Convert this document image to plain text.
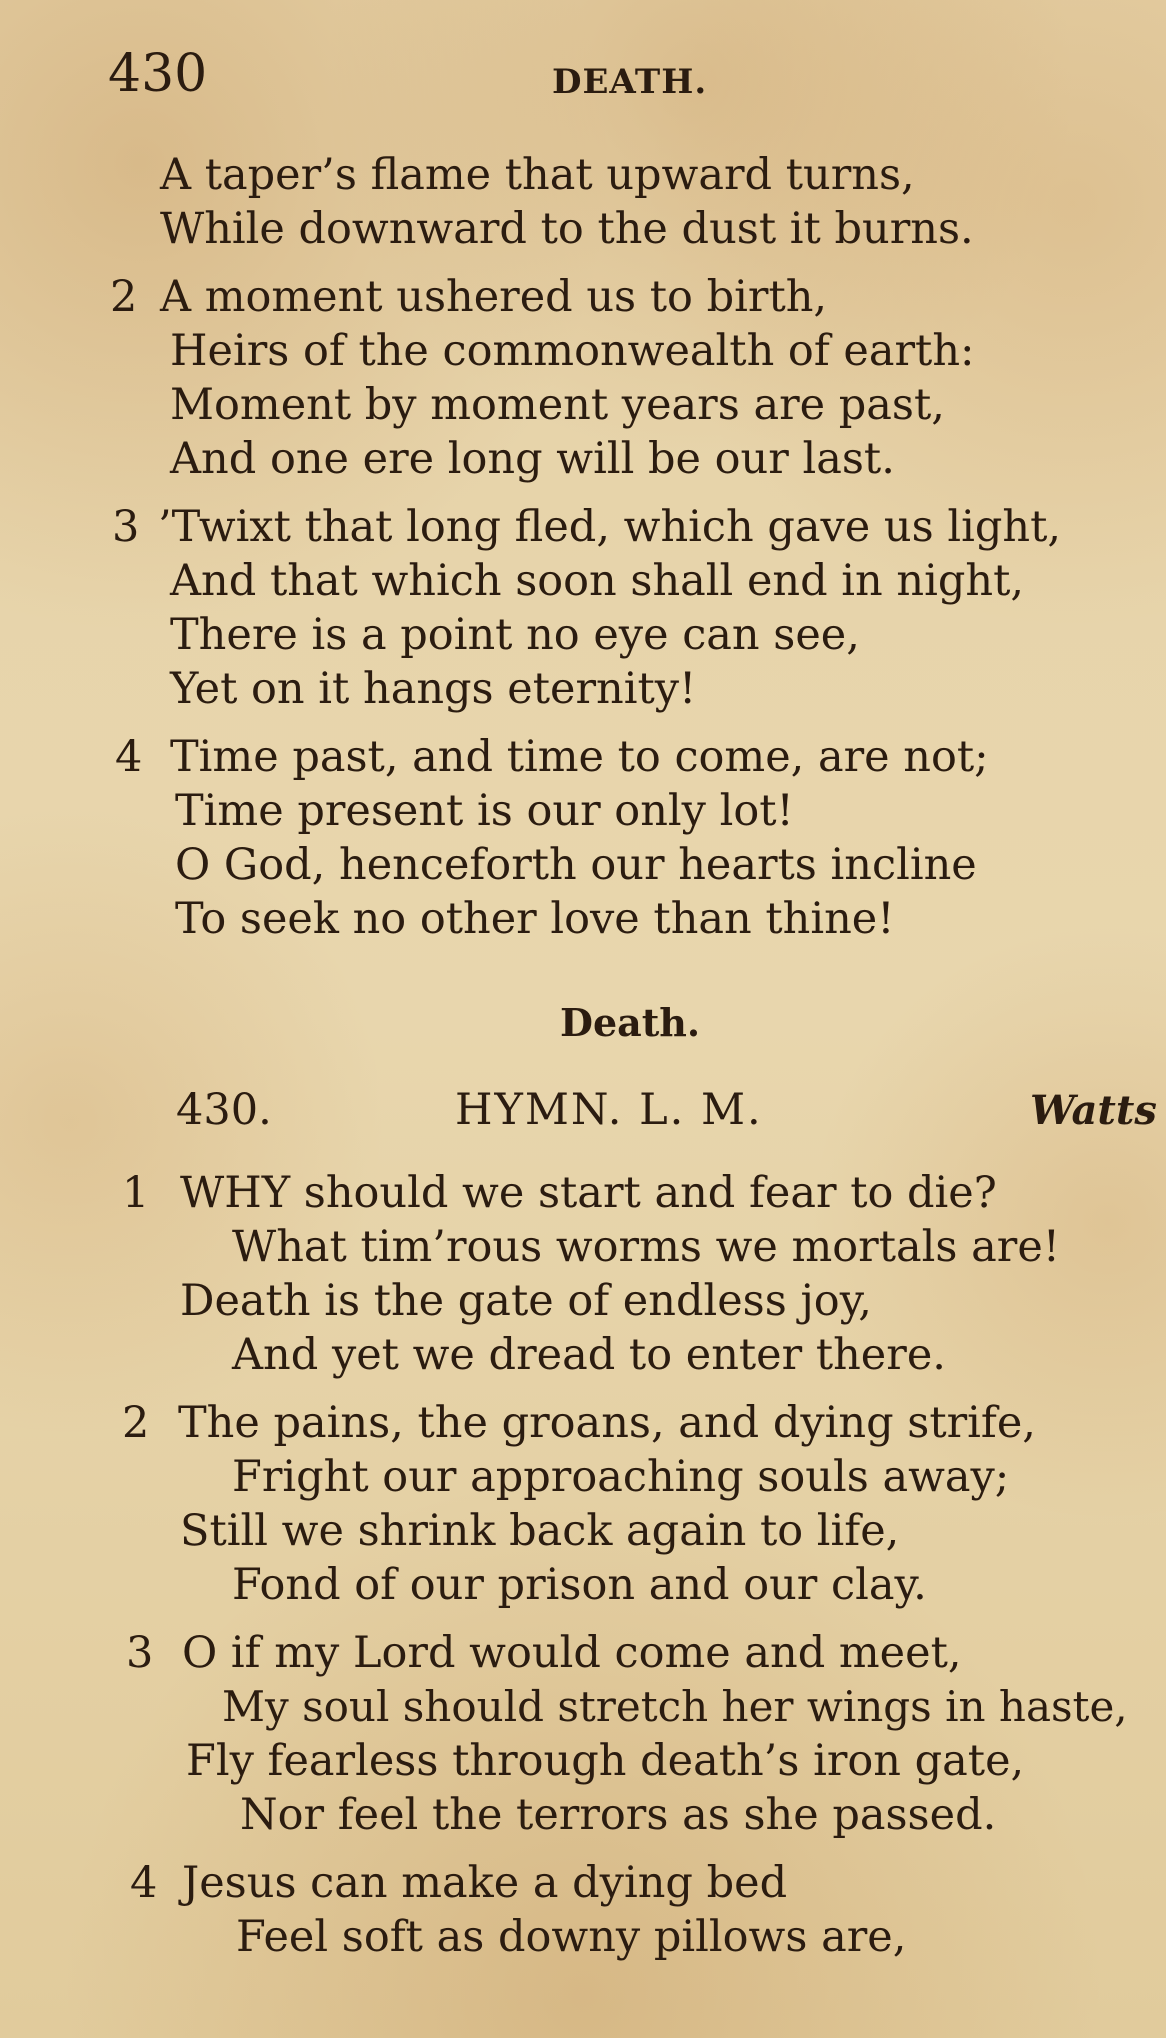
430	DEATH.
A taper’s flame that upward turns,
While downward to the dust it burns.
2 A moment ushered us to birth,
Heirs of the commonwealth of earth:
Moment by moment years are past,
And one ere long will be our last.
3 ’Twixt that long fled, which gave us light,
And that which soon shall end in night,
There is a point no eye can see,
Yet on it hangs eternity!
4 Time past, and time to come, are not;
Time present is our only lot!
O God, henceforth our hearts incline
To seek no other love than thine!
Death.
430.	HYMN. L. M.	Watts
1 WHY should we start and fear to die?
What tim’rous worms we mortals are!
Death is the gate of endless joy,
And yet we dread to enter there.
2 The pains, the groans, and dying strife,
Fright our approaching souls away;
Still we shrink back again to life,
Fond of our prison and our clay.
3 O if my Lord would come and meet,
My soul should stretch her wings in haste,
Fly fearless through death’s iron gate,
Nor feel the terrors as she passed.
4 Jesus can make a dying bed
Feel soft as downy pillows are,
